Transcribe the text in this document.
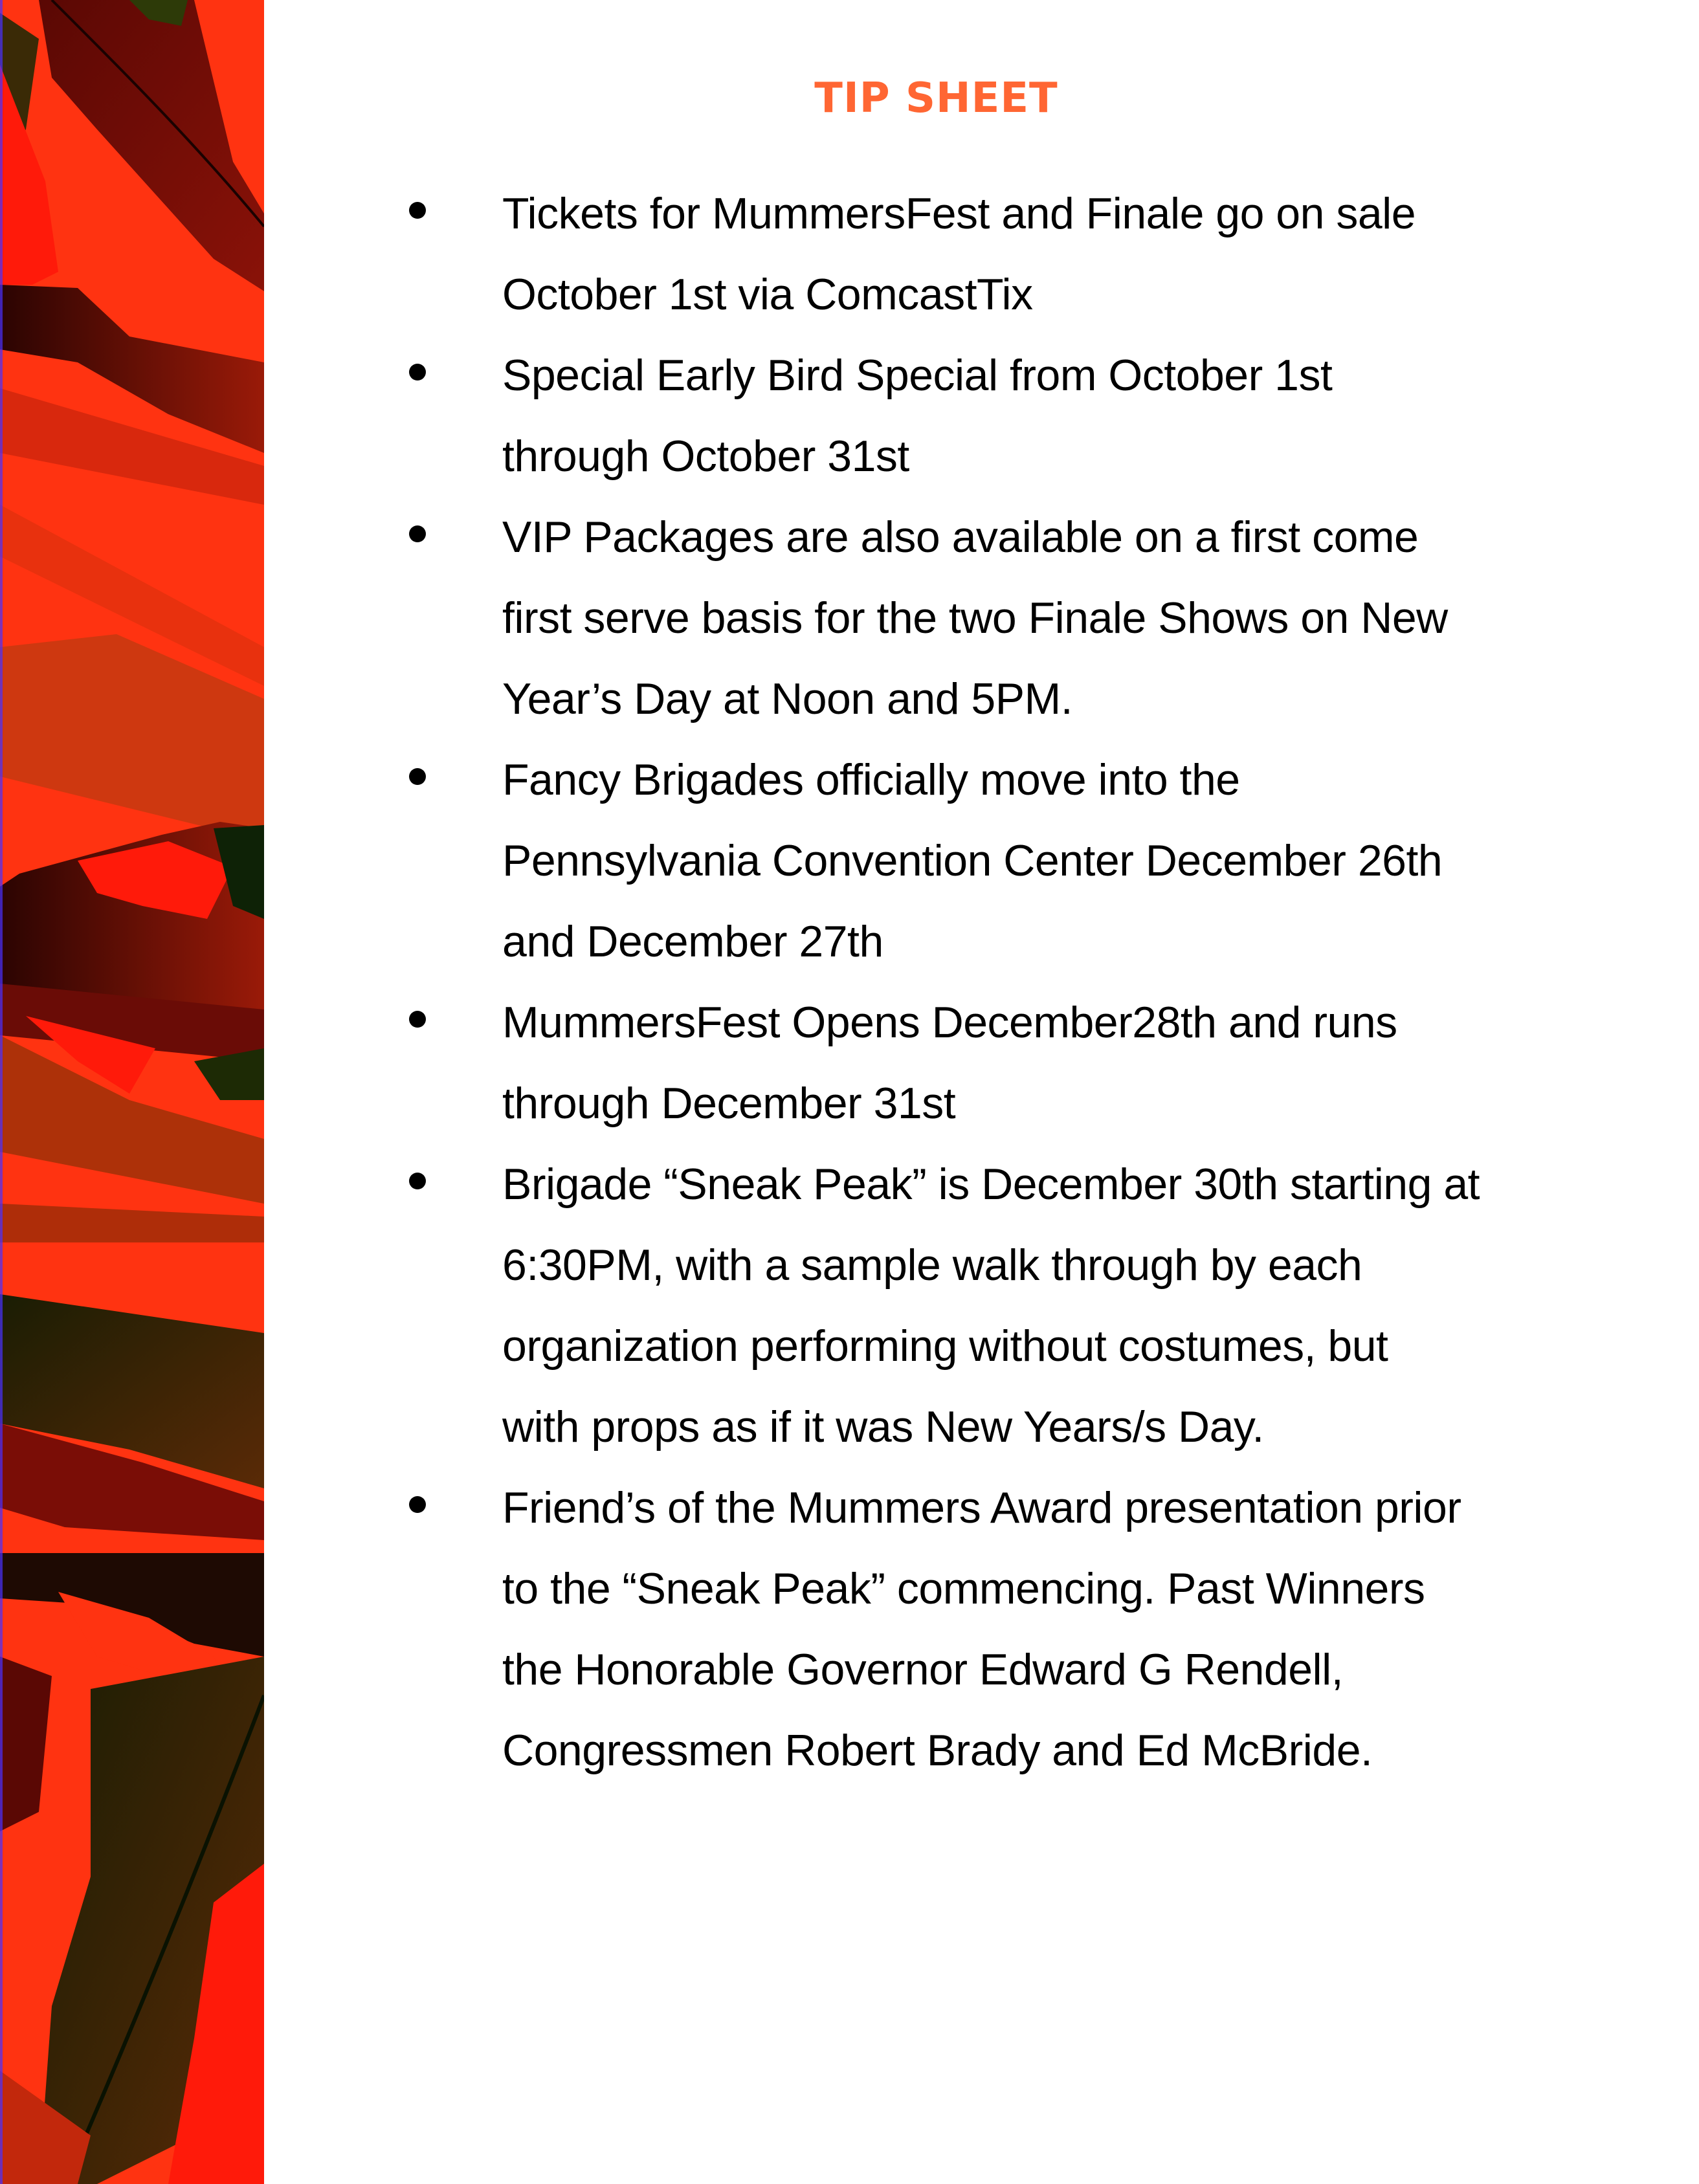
TIP SHEET
Tickets for MummersFest and Finale go on sale
October 1st via ComcastTix
Special Early Bird Special from October 1st
through October 31st
VIP Packages are also available on a first come
first serve basis for the two Finale Shows on New
Year’s Day at Noon and 5PM.
Fancy Brigades officially move into the
Pennsylvania Convention Center December 26th
and December 27th
MummersFest Opens December28th and runs
through December 31st
Brigade “Sneak Peak” is December 30th starting at
6:30PM, with a sample walk through by each
organization performing without costumes, but
with props as if it was New Years/s Day.
Friend’s of the Mummers Award presentation prior
to the “Sneak Peak” commencing. Past Winners
the Honorable Governor Edward G Rendell,
Congressmen Robert Brady and Ed McBride.
